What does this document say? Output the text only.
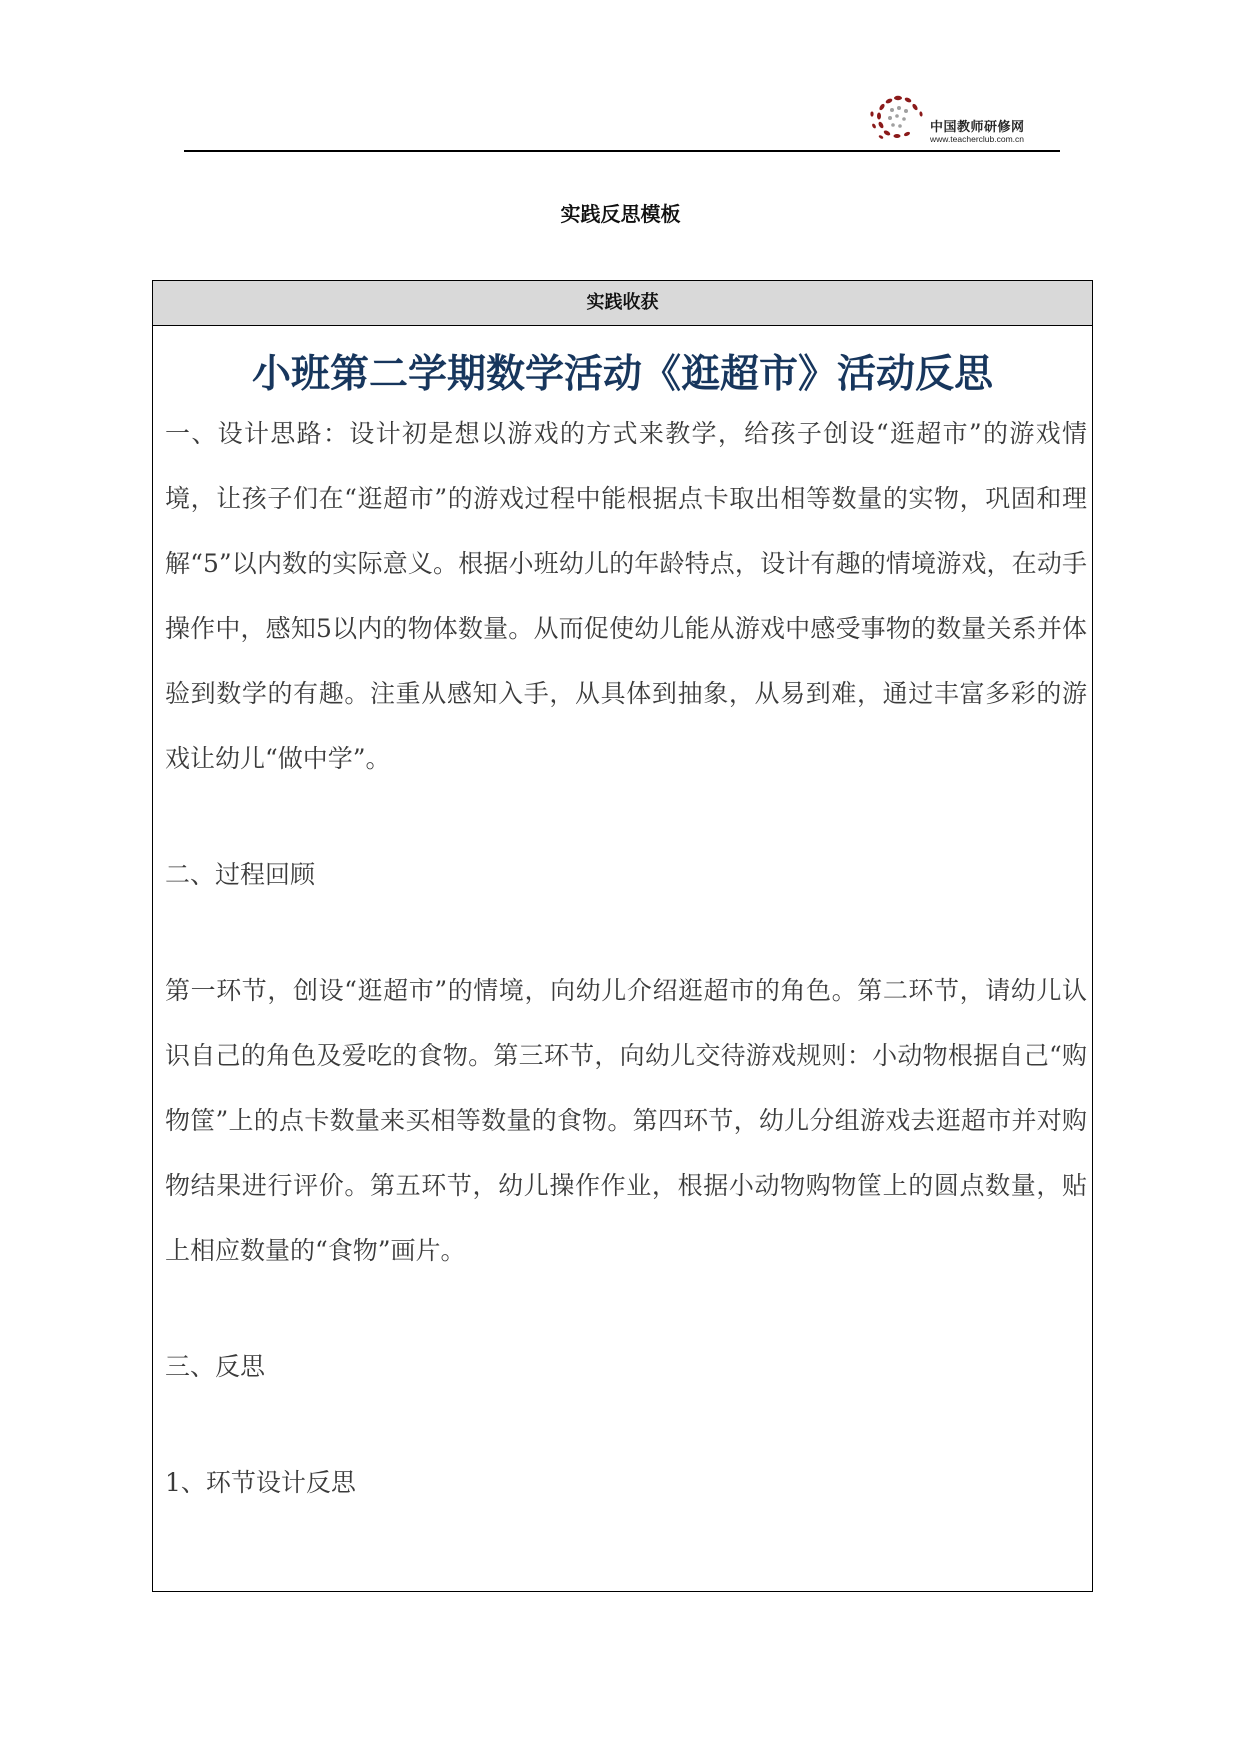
中国教师研修网
www.teacherclub.com.cn
实践反思模板
实践收获
小班第二学期数学活动《逛超市》活动反思

一、设计思路：设计初是想以游戏的方式来教学，给孩子创设“逛超市”的游戏情境，让孩子们在“逛超市”的游戏过程中能根据点卡取出相等数量的实物，巩固和理解“5”以内数的实际意义。根据小班幼儿的年龄特点，设计有趣的情境游戏，在动手操作中，感知5以内的物体数量。从而促使幼儿能从游戏中感受事物的数量关系并体验到数学的有趣。注重从感知入手，从具体到抽象，从易到难，通过丰富多彩的游戏让幼儿“做中学”。

二、过程回顾

第一环节，创设“逛超市”的情境，向幼儿介绍逛超市的角色。第二环节，请幼儿认识自己的角色及爱吃的食物。第三环节，向幼儿交待游戏规则：小动物根据自己“购物筐”上的点卡数量来买相等数量的食物。第四环节，幼儿分组游戏去逛超市并对购物结果进行评价。第五环节，幼儿操作作业，根据小动物购物筐上的圆点数量，贴上相应数量的“食物”画片。

三、反思

1、环节设计反思
